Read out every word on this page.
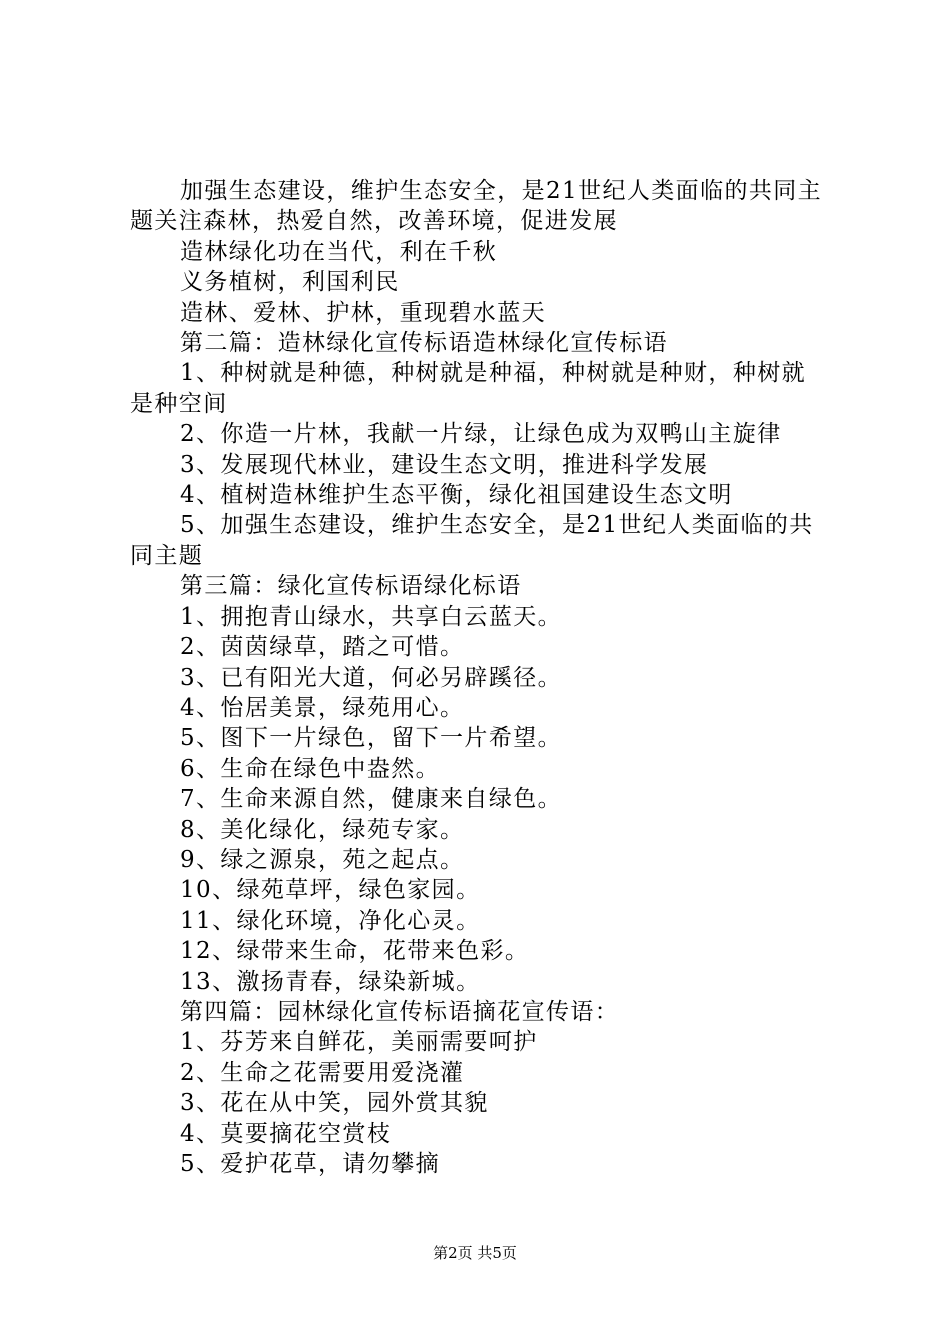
加强生态建设，维护生态安全，是21世纪人类面临的共同主题关注森林，热爱自然，改善环境，促进发展

造林绿化功在当代，利在千秋

义务植树，利国利民

造林、爱林、护林，重现碧水蓝天

第二篇：造林绿化宣传标语造林绿化宣传标语

1、种树就是种德，种树就是种福，种树就是种财，种树就是种空间

2、你造一片林，我献一片绿，让绿色成为双鸭山主旋律

3、发展现代林业，建设生态文明，推进科学发展

4、植树造林维护生态平衡，绿化祖国建设生态文明

5、加强生态建设，维护生态安全，是21世纪人类面临的共同主题

第三篇：绿化宣传标语绿化标语

1、拥抱青山绿水，共享白云蓝天。

2、茵茵绿草，踏之可惜。

3、已有阳光大道，何必另辟蹊径。

4、怡居美景，绿苑用心。

5、图下一片绿色，留下一片希望。

6、生命在绿色中盎然。

7、生命来源自然，健康来自绿色。

8、美化绿化，绿苑专家。

9、绿之源泉，苑之起点。

10、绿苑草坪，绿色家园。

11、绿化环境，净化心灵。

12、绿带来生命，花带来色彩。

13、激扬青春，绿染新城。

第四篇：园林绿化宣传标语摘花宣传语：

1、芬芳来自鲜花，美丽需要呵护

2、生命之花需要用爱浇灌

3、花在从中笑，园外赏其貌

4、莫要摘花空赏枝

5、爱护花草，请勿攀摘

第2页 共5页
